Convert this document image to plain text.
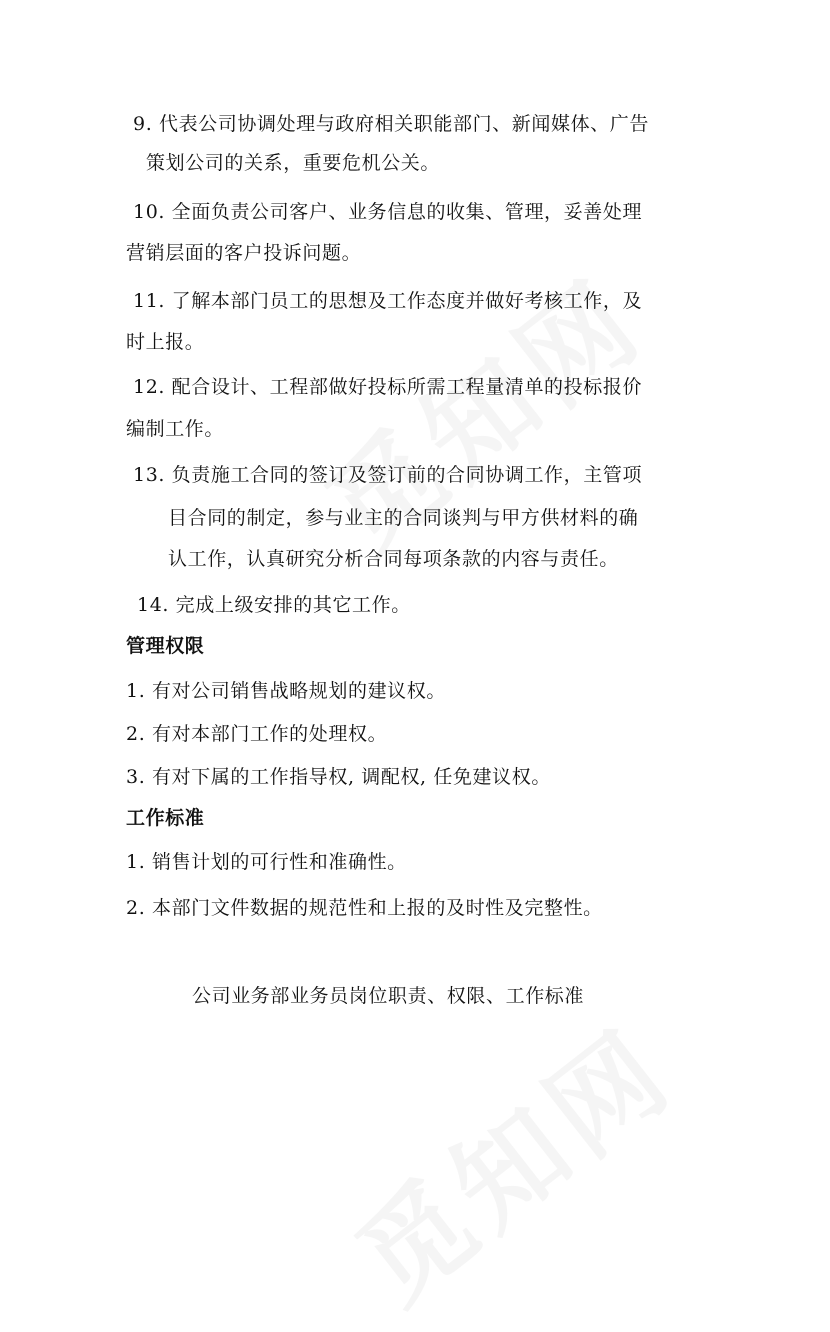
9. 代表公司协调处理与政府相关职能部门、新闻媒体、广告
策划公司的关系，重要危机公关。
10. 全面负责公司客户、业务信息的收集、管理，妥善处理
营销层面的客户投诉问题。
11. 了解本部门员工的思想及工作态度并做好考核工作，及
时上报。
12. 配合设计、工程部做好投标所需工程量清单的投标报价
编制工作。
13. 负责施工合同的签订及签订前的合同协调工作，主管项
目合同的制定，参与业主的合同谈判与甲方供材料的确
认工作，认真研究分析合同每项条款的内容与责任。
14. 完成上级安排的其它工作。
管理权限
1. 有对公司销售战略规划的建议权。
2. 有对本部门工作的处理权。
3. 有对下属的工作指导权, 调配权, 任免建议权。
工作标准
1. 销售计划的可行性和准确性。
2. 本部门文件数据的规范性和上报的及时性及完整性。
公司业务部业务员岗位职责、权限、工作标准
